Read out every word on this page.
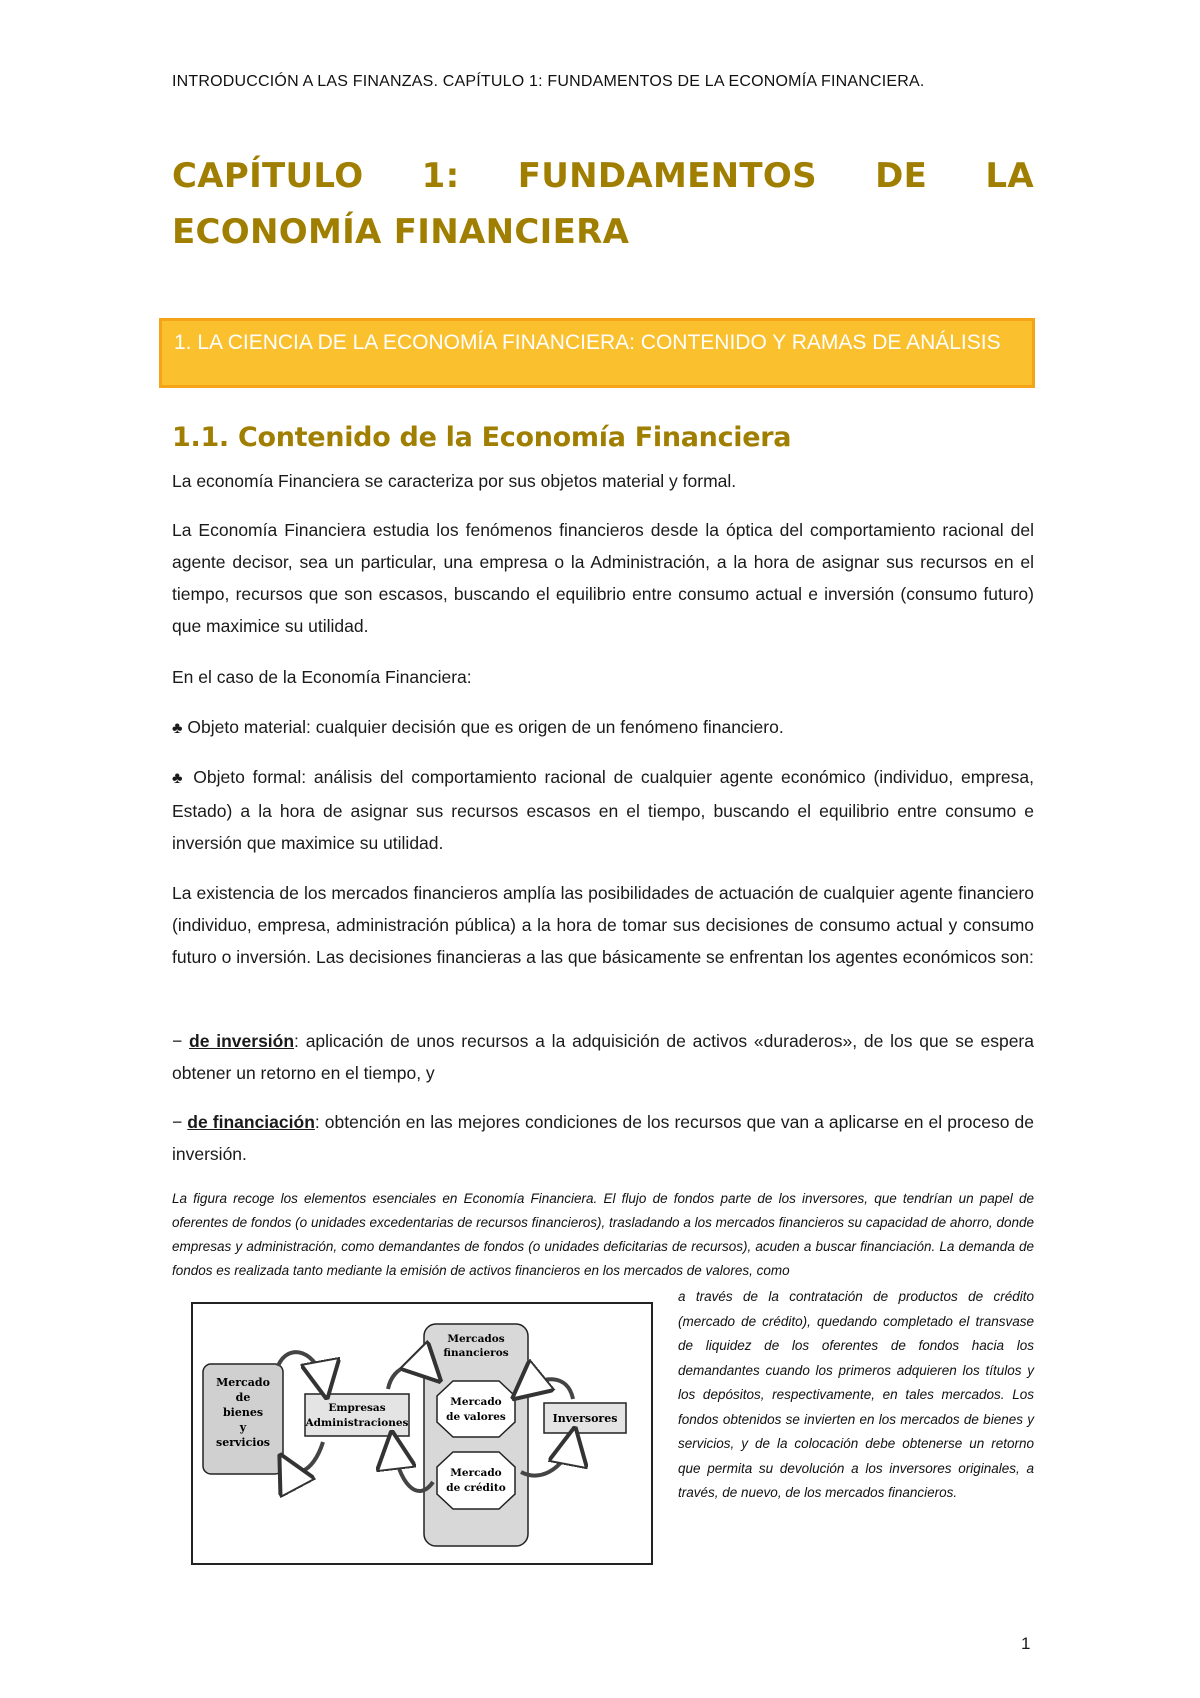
INTRODUCCIÓN A LAS FINANZAS. CAPÍTULO 1: FUNDAMENTOS DE LA ECONOMÍA FINANCIERA.
CAPÍTULO 1: FUNDAMENTOS DE LA ECONOMÍA FINANCIERA
1. LA CIENCIA DE LA ECONOMÍA FINANCIERA: CONTENIDO Y RAMAS DE ANÁLISIS
1.1. Contenido de la Economía Financiera

La economía Financiera se caracteriza por sus objetos material y formal.

La Economía Financiera estudia los fenómenos financieros desde la óptica del comportamiento racional del agente decisor, sea un particular, una empresa o la Administración, a la hora de asignar sus recursos en el tiempo, recursos que son escasos, buscando el equilibrio entre consumo actual e inversión (consumo futuro) que maximice su utilidad.

En el caso de la Economía Financiera:

♣ Objeto material: cualquier decisión que es origen de un fenómeno financiero.

♣ Objeto formal: análisis del comportamiento racional de cualquier agente económico (individuo, empresa, Estado) a la hora de asignar sus recursos escasos en el tiempo, buscando el equilibrio entre consumo e inversión que maximice su utilidad.

La existencia de los mercados financieros amplía las posibilidades de actuación de cualquier agente financiero (individuo, empresa, administración pública) a la hora de tomar sus decisiones de consumo actual y consumo futuro o inversión. Las decisiones financieras a las que básicamente se enfrentan los agentes económicos son:

− de inversión: aplicación de unos recursos a la adquisición de activos «duraderos», de los que se espera obtener un retorno en el tiempo, y

− de financiación: obtención en las mejores condiciones de los recursos que van a aplicarse en el proceso de inversión.

La figura recoge los elementos esenciales en Economía Financiera. El flujo de fondos parte de los inversores, que tendrían un papel de oferentes de fondos (o unidades excedentarias de recursos financieros), trasladando a los mercados financieros su capacidad de ahorro, donde empresas y administración, como demandantes de fondos (o unidades deficitarias de recursos), acuden a buscar financiación. La demanda de fondos es realizada tanto mediante la emisión de activos financieros en los mercados de valores, como

a través de la contratación de productos de crédito (mercado de crédito), quedando completado el transvase de liquidez de los oferentes de fondos hacia los demandantes cuando los primeros adquieren los títulos y los depósitos, respectivamente, en tales mercados. Los fondos obtenidos se invierten en los mercados de bienes y servicios, y de la colocación debe obtenerse un retorno que permita su devolución a los inversores originales, a través, de nuevo, de los mercados financieros.

Mercado
de
bienes
y
servicios
Empresas
Administraciones
Mercados
financieros
Mercado
de valores
Mercado
de crédito
Inversores
1
